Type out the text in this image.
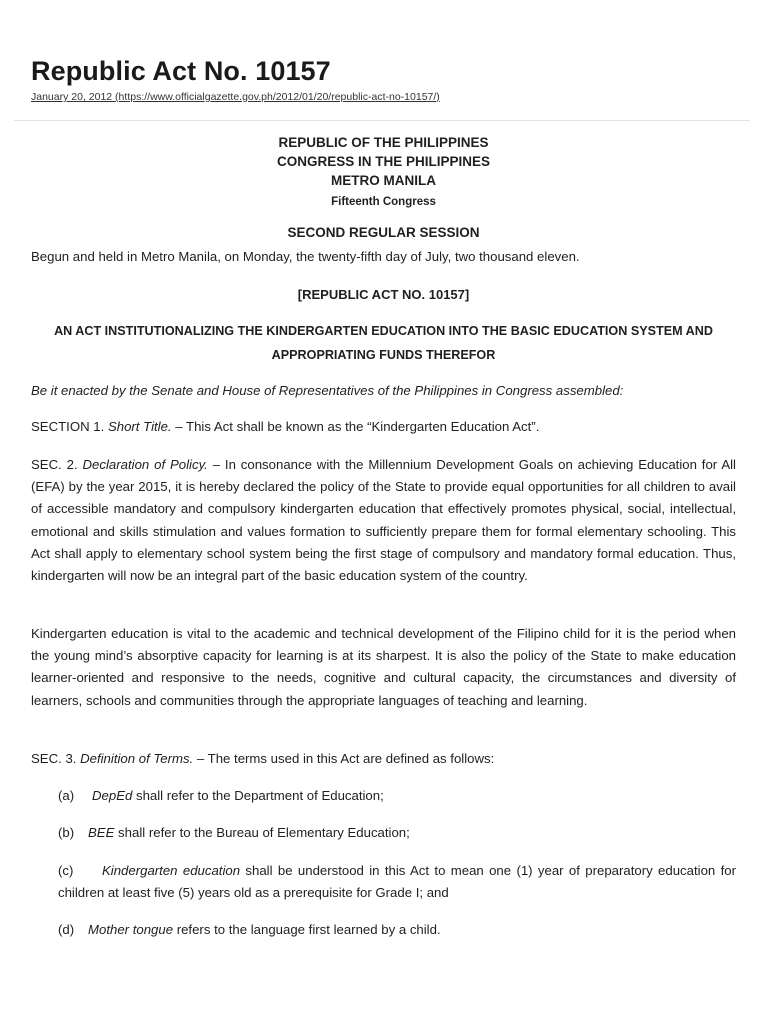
Republic Act No. 10157
January 20, 2012 (https://www.officialgazette.gov.ph/2012/01/20/republic-act-no-10157/)
REPUBLIC OF THE PHILIPPINES
CONGRESS IN THE PHILIPPINES
METRO MANILA
Fifteenth Congress
SECOND REGULAR SESSION

Begun and held in Metro Manila, on Monday, the twenty-fifth day of July, two thousand eleven.

[REPUBLIC ACT NO. 10157]
AN ACT INSTITUTIONALIZING THE KINDERGARTEN EDUCATION INTO THE BASIC EDUCATION SYSTEM AND APPROPRIATING FUNDS THEREFOR

Be it enacted by the Senate and House of Representatives of the Philippines in Congress assembled:

SECTION 1. Short Title. – This Act shall be known as the “Kindergarten Education Act”.

SEC. 2. Declaration of Policy. – In consonance with the Millennium Development Goals on achieving Education for All (EFA) by the year 2015, it is hereby declared the policy of the State to provide equal opportunities for all children to avail of accessible mandatory and compulsory kindergarten education that effectively promotes physical, social, intellectual, emotional and skills stimulation and values formation to sufficiently prepare them for formal elementary schooling. This Act shall apply to elementary school system being the first stage of compulsory and mandatory formal education. Thus, kindergarten will now be an integral part of the basic education system of the country.

Kindergarten education is vital to the academic and technical development of the Filipino child for it is the period when the young mind’s absorptive capacity for learning is at its sharpest. It is also the policy of the State to make education learner-oriented and responsive to the needs, cognitive and cultural capacity, the circumstances and diversity of learners, schools and communities through the appropriate languages of teaching and learning.

SEC. 3. Definition of Terms. – The terms used in this Act are defined as follows:

(a) DepEd shall refer to the Department of Education;

(b) BEE shall refer to the Bureau of Elementary Education;

(c) Kindergarten education shall be understood in this Act to mean one (1) year of preparatory education for children at least five (5) years old as a prerequisite for Grade I; and

(d) Mother tongue refers to the language first learned by a child.
